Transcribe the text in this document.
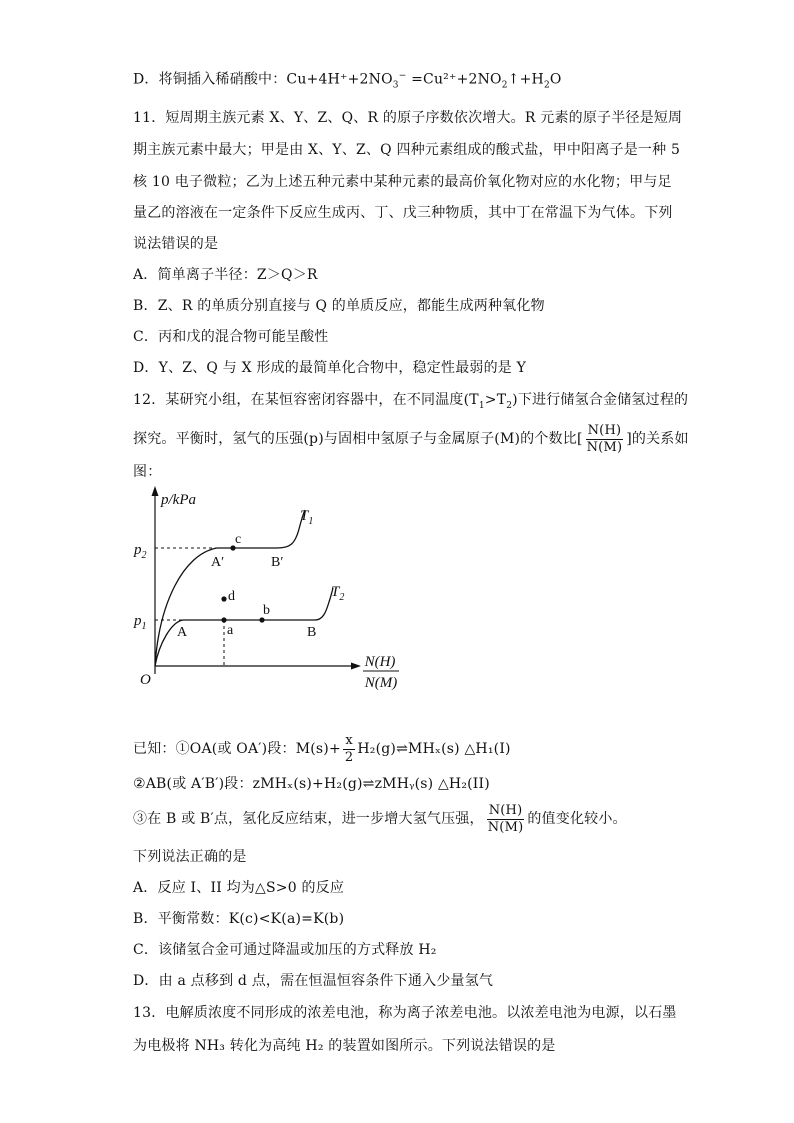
D．将铜插入稀硝酸中：$Cu+4H^++2NO_3^-$ $=Cu^{2+}+2NO_2↑+H_2O$
11．短周期主族元素 X、Y、Z、Q、R 的原子序数依次增大。R 元素的原子半径是短周
期主族元素中最大；甲是由 X、Y、Z、Q 四种元素组成的酸式盐，甲中阳离子是一种 5
核 10 电子微粒；乙为上述五种元素中某种元素的最高价氧化物对应的水化物；甲与足
量乙的溶液在一定条件下反应生成丙、丁、戊三种物质，其中丁在常温下为气体。下列
说法错误的是
A．简单离子半径：Z＞Q＞R
B．Z、R 的单质分别直接与 Q 的单质反应，都能生成两种氧化物
C．丙和戊的混合物可能呈酸性
D．Y、Z、Q 与 X 形成的最简单化合物中，稳定性最弱的是 Y
12．某研究小组，在某恒容密闭容器中，在不同温度$(T_1>T_2)$下进行储氢合金储氢过程的
探究。平衡时，氢气的压强(p)与固相中氢原子与金属原子(M)的个数比[ $\frac{N(H)}{N(M)}$ ]的关系如
图：
p/kPa
$p_2$
$p_1$
c
A′	B′
d
b
a
A	B
$T_1$
$T_2$
O
N(H)
N(M)
已知：①OA(或 OA′)段：$M(s)+ \frac{x}{2}$ H₂(g)⇌MHₓ(s) △H₁(I)
②AB(或 A′B′)段：zMHₓ(s)+H₂(g)⇌zMHᵧ(s) △H₂(II)
③在 B 或 B′点，氢化反应结束，进一步增大氢气压强， $\frac{N(H)}{N(M)}$ 的值变化较小。
下列说法正确的是
A．反应 I、II 均为△S>0 的反应
B．平衡常数：K(c)<K(a)=K(b)
C．该储氢合金可通过降温或加压的方式释放 H₂
D．由 a 点移到 d 点，需在恒温恒容条件下通入少量氢气
13．电解质浓度不同形成的浓差电池，称为离子浓差电池。以浓差电池为电源，以石墨
为电极将 NH₃ 转化为高纯 H₂ 的装置如图所示。下列说法错误的是
